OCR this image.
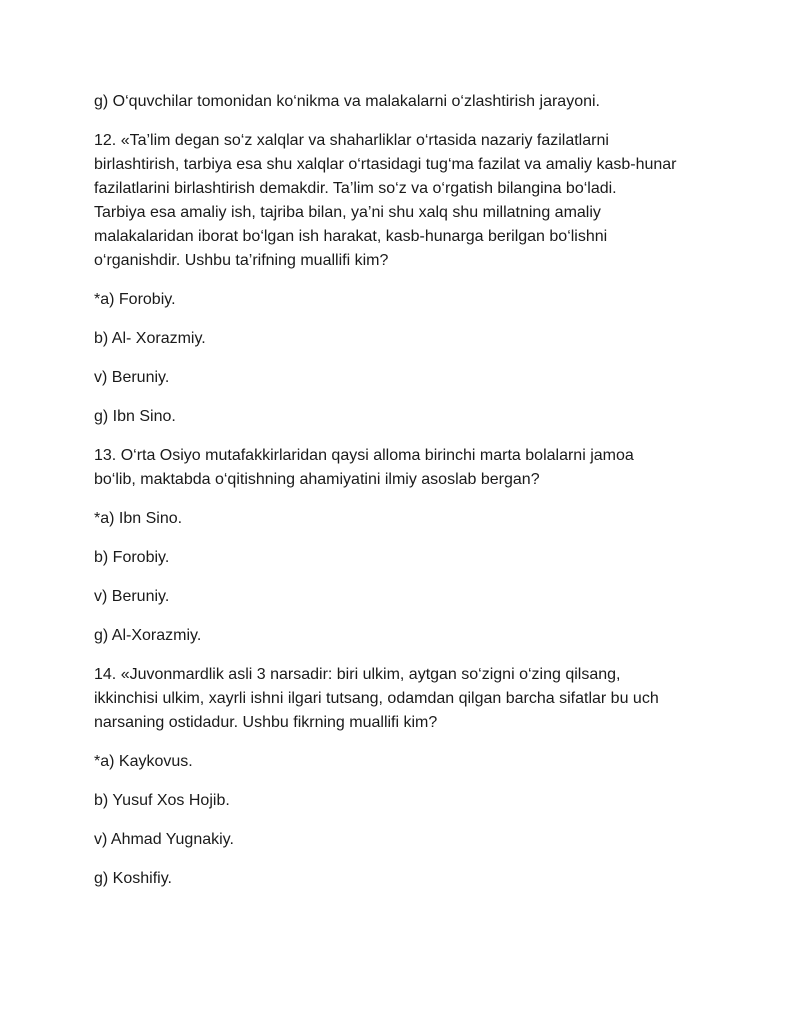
g) O‘quvchilar tomonidan ko‘nikma va malakalarni o‘zlashtirish jarayoni.

12. «Ta’lim degan so‘z xalqlar va shaharliklar o‘rtasida nazariy fazilatlarni
birlashtirish, tarbiya esa shu xalqlar o‘rtasidagi tug‘ma fazilat va amaliy kasb-hunar
fazilatlarini birlashtirish demakdir. Ta’lim so‘z va o‘rgatish bilangina bo‘ladi.
Tarbiya esa amaliy ish, tajriba bilan, ya’ni shu xalq shu millatning amaliy
malakalaridan iborat bo‘lgan ish harakat, kasb-hunarga berilgan bo‘lishni
o‘rganishdir. Ushbu ta’rifning muallifi kim?

*a) Forobiy.

b) Al- Xorazmiy.

v) Beruniy.

g) Ibn Sino.

13. O‘rta Osiyo mutafakkirlaridan qaysi alloma birinchi marta bolalarni jamoa
bo‘lib, maktabda o‘qitishning ahamiyatini ilmiy asoslab bergan?

*a) Ibn Sino.

b) Forobiy.

v) Beruniy.

g) Al-Xorazmiy.

14. «Juvonmardlik asli 3 narsadir: biri ulkim, aytgan so‘zigni o‘zing qilsang,
ikkinchisi ulkim, xayrli ishni ilgari tutsang, odamdan qilgan barcha sifatlar bu uch
narsaning ostidadur. Ushbu fikrning muallifi kim?

*a) Kaykovus.

b) Yusuf Xos Hojib.

v) Ahmad Yugnakiy.

g) Koshifiy.
